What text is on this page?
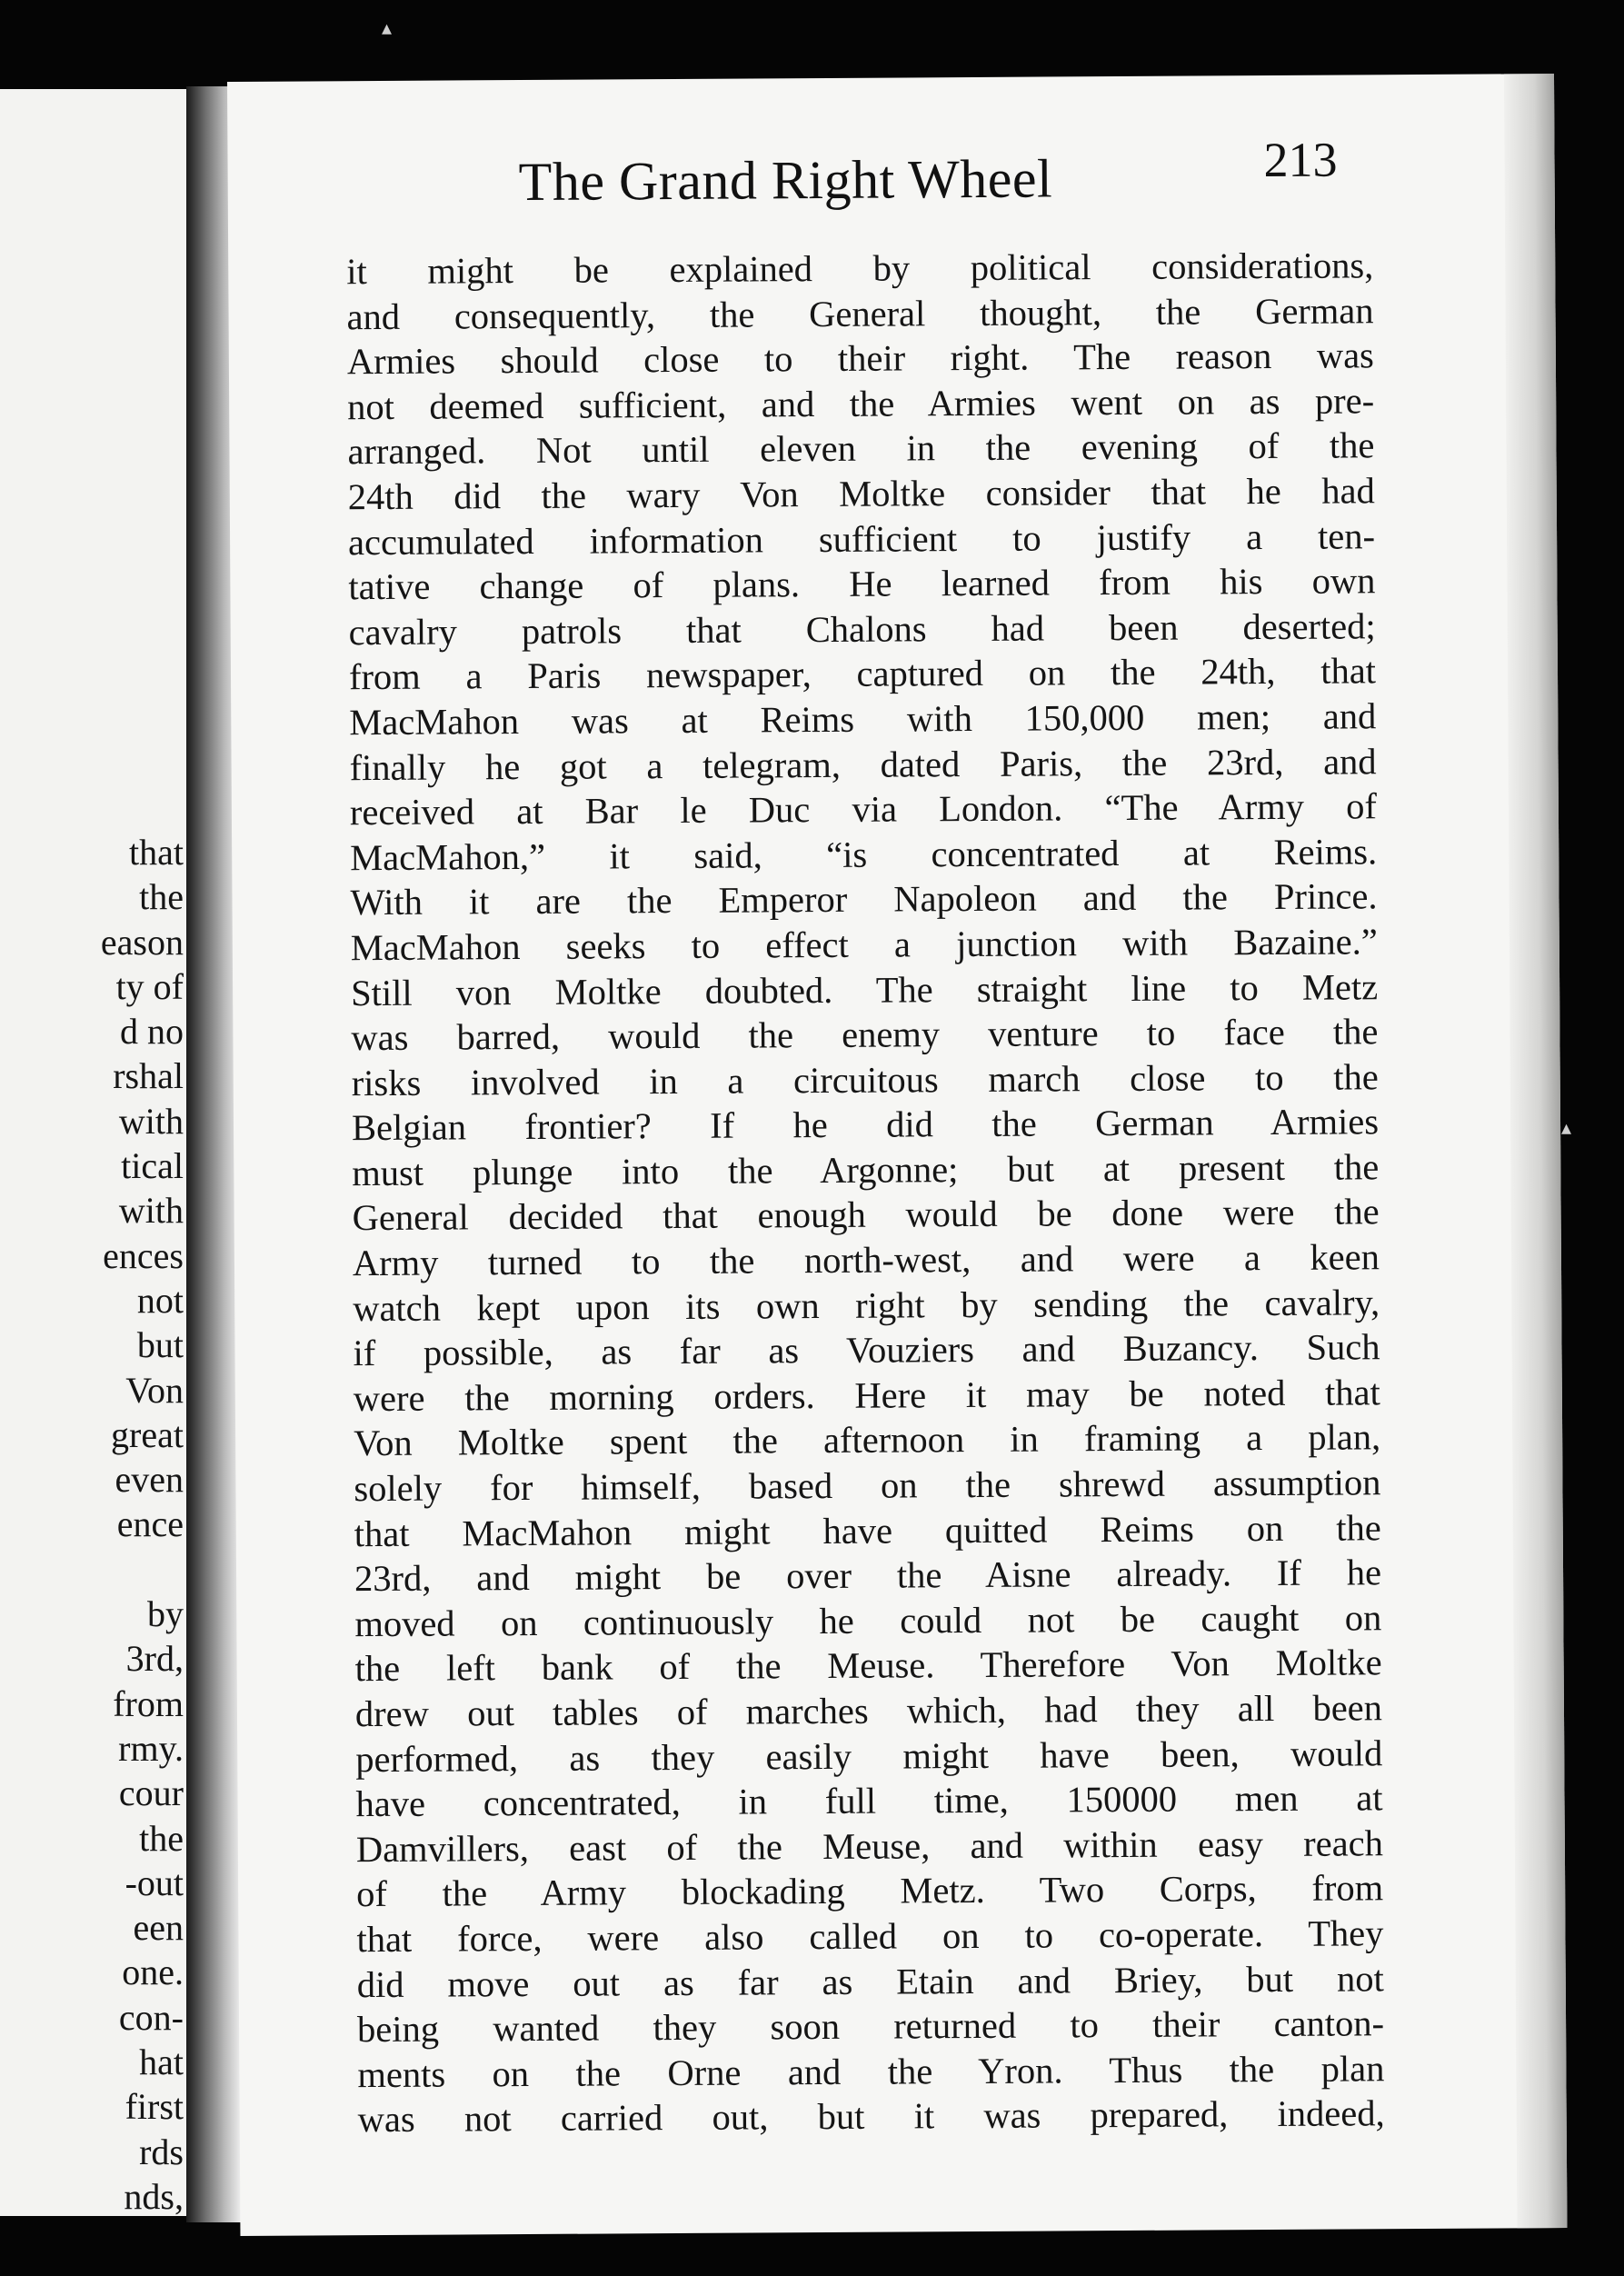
that
the
eason
ty of
d no
rshal
with
tical
with
ences
not
but
Von
great
even
ence
by
3rd,
from
rmy.
cour
the
-out
een
one.
con-
hat
first
rds
nds,
The Grand Right Wheel	213
it might be explained by political considerations,
and consequently, the General thought, the German
Armies should close to their right. The reason was
not deemed sufficient, and the Armies went on as pre-
arranged. Not until eleven in the evening of the
24th did the wary Von Moltke consider that he had
accumulated information sufficient to justify a ten-
tative change of plans. He learned from his own
cavalry patrols that Chalons had been deserted;
from a Paris newspaper, captured on the 24th, that
MacMahon was at Reims with 150,000 men; and
finally he got a telegram, dated Paris, the 23rd, and
received at Bar le Duc via London. “The Army of
MacMahon,” it said, “is concentrated at Reims.
With it are the Emperor Napoleon and the Prince.
MacMahon seeks to effect a junction with Bazaine.”
Still von Moltke doubted. The straight line to Metz
was barred, would the enemy venture to face the
risks involved in a circuitous march close to the
Belgian frontier? If he did the German Armies
must plunge into the Argonne; but at present the
General decided that enough would be done were the
Army turned to the north-west, and were a keen
watch kept upon its own right by sending the cavalry,
if possible, as far as Vouziers and Buzancy. Such
were the morning orders. Here it may be noted that
Von Moltke spent the afternoon in framing a plan,
solely for himself, based on the shrewd assumption
that MacMahon might have quitted Reims on the
23rd, and might be over the Aisne already. If he
moved on continuously he could not be caught on
the left bank of the Meuse. Therefore Von Moltke
drew out tables of marches which, had they all been
performed, as they easily might have been, would
have concentrated, in full time, 150000 men at
Damvillers, east of the Meuse, and within easy reach
of the Army blockading Metz. Two Corps, from
that force, were also called on to co-operate. They
did move out as far as Etain and Briey, but not
being wanted they soon returned to their canton-
ments on the Orne and the Yron. Thus the plan
was not carried out, but it was prepared, indeed,
▴
▴
